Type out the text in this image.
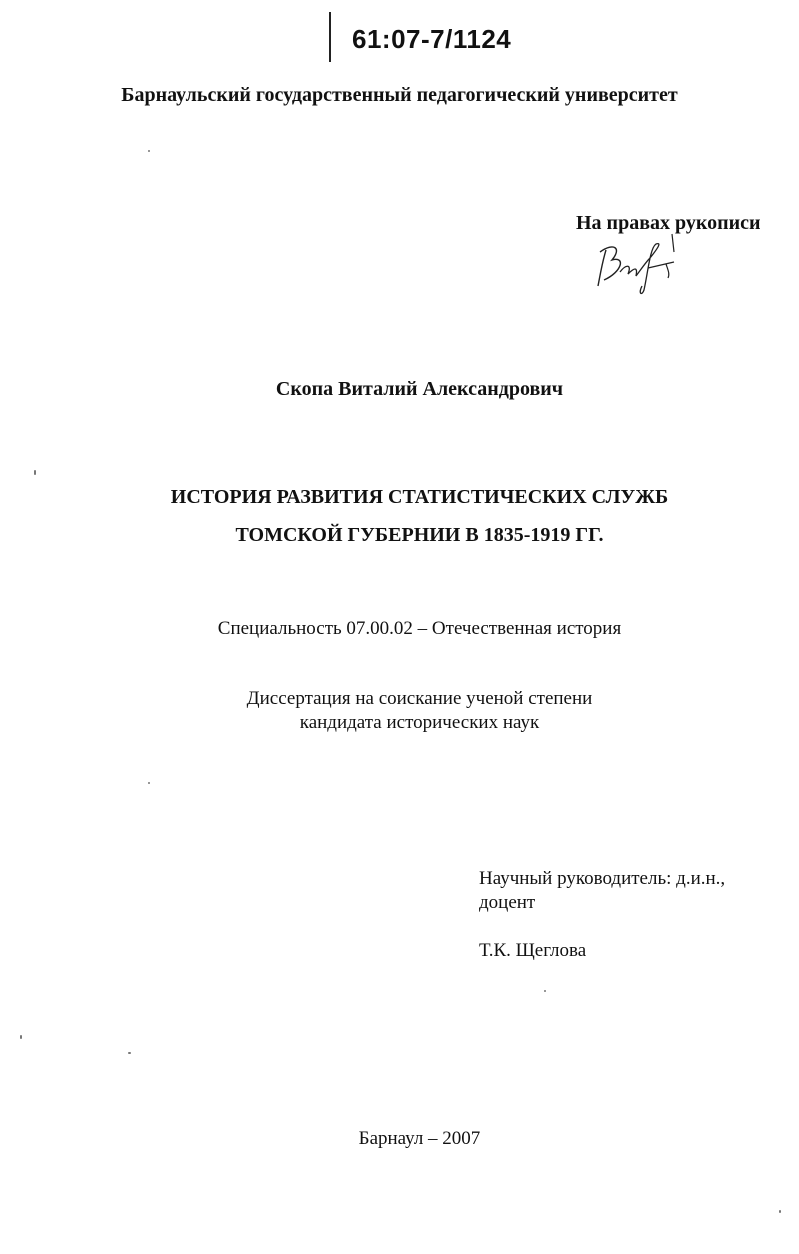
61:07-7/1124
Барнаульский государственный педагогический университет
На правах рукописи
Скопа Виталий Александрович
ИСТОРИЯ РАЗВИТИЯ СТАТИСТИЧЕСКИХ СЛУЖБ
ТОМСКОЙ ГУБЕРНИИ В 1835-1919 ГГ.
Специальность 07.00.02 – Отечественная история
Диссертация на соискание ученой степени
кандидата исторических наук
Научный руководитель: д.и.н.,
доцент
Т.К. Щеглова
Барнаул – 2007
